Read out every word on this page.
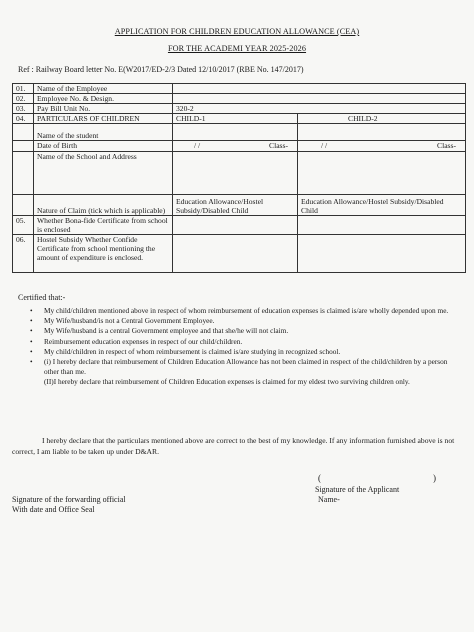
APPLICATION FOR CHILDREN EDUCATION ALLOWANCE (CEA)

FOR THE ACADEMI YEAR 2025-2026

Ref : Railway Board letter No. E(W2017/ED-2/3 Dated 12/10/2017 (RBE No. 147/2017)

01.	Name of the Employee		
02.	Employee No. & Design.		
03.	Pay Bill Unit No.	320-2	
04.	PARTICULARS OF CHILDREN	CHILD-1	CHILD-2
	Name of the student		
	Date of Birth	/ / Class-	/ / Class-

	Name of the School and Address		
	Nature of Claim (tick which is applicable)	Education Allowance/Hostel Subsidy/Disabled Child	Education Allowance/Hostel Subsidy/Disabled Child
05.	Whether Bona-fide Certificate from school is enclosed		
06.	Hostel Subsidy Whether Confide Certificate from school mentioning the amount of expenditure is enclosed.		

Certified that:-

• My child/children mentioned above in respect of whom reimbursement of education expenses is claimed is/are wholly depended upon me.
• My Wife/husband/is not a Central Government Employee.
• My Wife/husband is a central Government employee and that she/he will not claim.
• Reimbursement education expenses in respect of our child/children.
• My child/children in respect of whom reimbursement is claimed is/are studying in recognized school.
• (i) I hereby declare that reimbursement of Children Education Allowance has not been claimed in respect of the child/children by a person other than me.
(II)I hereby declare that reimbursement of Children Education expenses is claimed for my eldest two surviving children only.

I hereby declare that the particulars mentioned above are correct to the best of my knowledge. If any information furnished above is not correct, I am liable to be taken up under D&AR.

(	)

Signature of the Applicant

Name-

Signature of the forwarding official

With date and Office Seal
